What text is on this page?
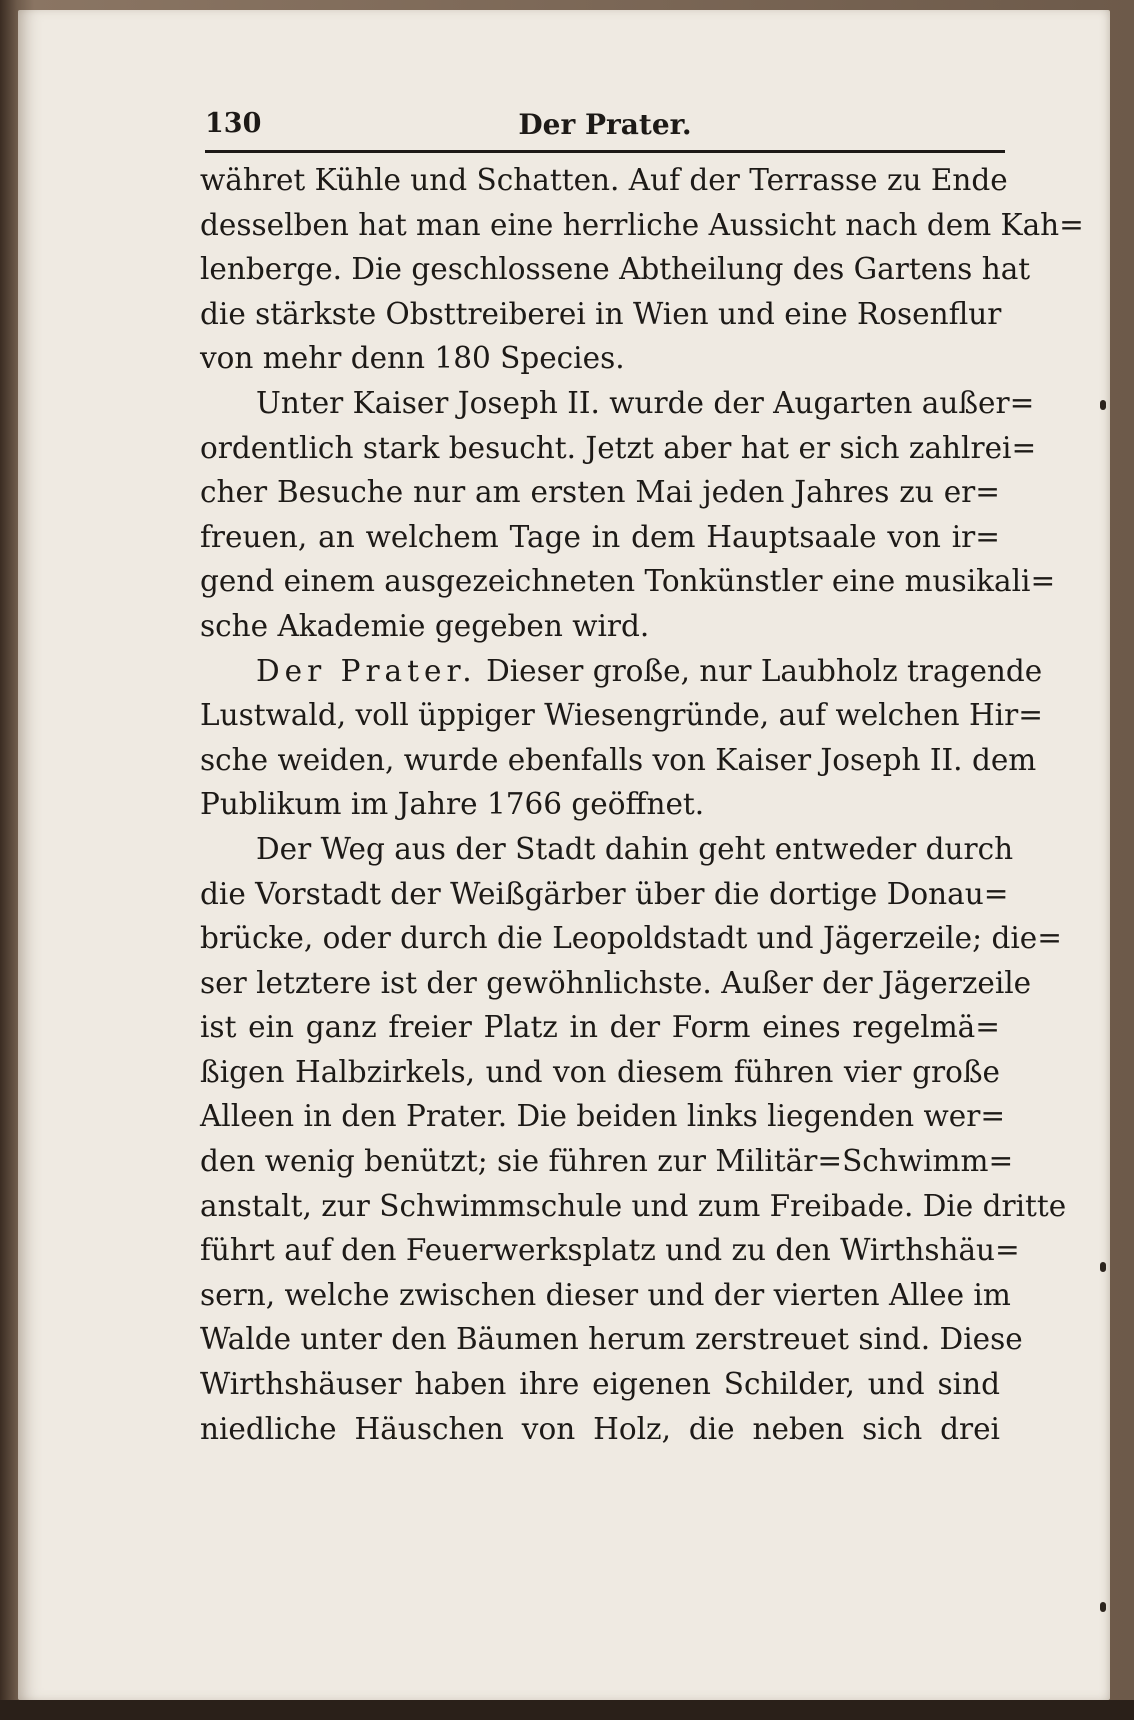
130	Der Prater.
währet Kühle und Schatten. Auf der Terrasse zu Ende
desselben hat man eine herrliche Aussicht nach dem Kah=
lenberge. Die geschlossene Abtheilung des Gartens hat
die stärkste Obsttreiberei in Wien und eine Rosenflur
von mehr denn 180 Species.
Unter Kaiser Joseph II. wurde der Augarten außer=
ordentlich stark besucht. Jetzt aber hat er sich zahlrei=
cher Besuche nur am ersten Mai jeden Jahres zu er=
freuen, an welchem Tage in dem Hauptsaale von ir=
gend einem ausgezeichneten Tonkünstler eine musikali=
sche Akademie gegeben wird.
Der Prater. Dieser große, nur Laubholz tragende
Lustwald, voll üppiger Wiesengründe, auf welchen Hir=
sche weiden, wurde ebenfalls von Kaiser Joseph II. dem
Publikum im Jahre 1766 geöffnet.
Der Weg aus der Stadt dahin geht entweder durch
die Vorstadt der Weißgärber über die dortige Donau=
brücke, oder durch die Leopoldstadt und Jägerzeile; die=
ser letztere ist der gewöhnlichste. Außer der Jägerzeile
ist ein ganz freier Platz in der Form eines regelmä=
ßigen Halbzirkels, und von diesem führen vier große
Alleen in den Prater. Die beiden links liegenden wer=
den wenig benützt; sie führen zur Militär=Schwimm=
anstalt, zur Schwimmschule und zum Freibade. Die dritte
führt auf den Feuerwerksplatz und zu den Wirthshäu=
sern, welche zwischen dieser und der vierten Allee im
Walde unter den Bäumen herum zerstreuet sind. Diese
Wirthshäuser haben ihre eigenen Schilder, und sind
niedliche Häuschen von Holz, die neben sich drei
